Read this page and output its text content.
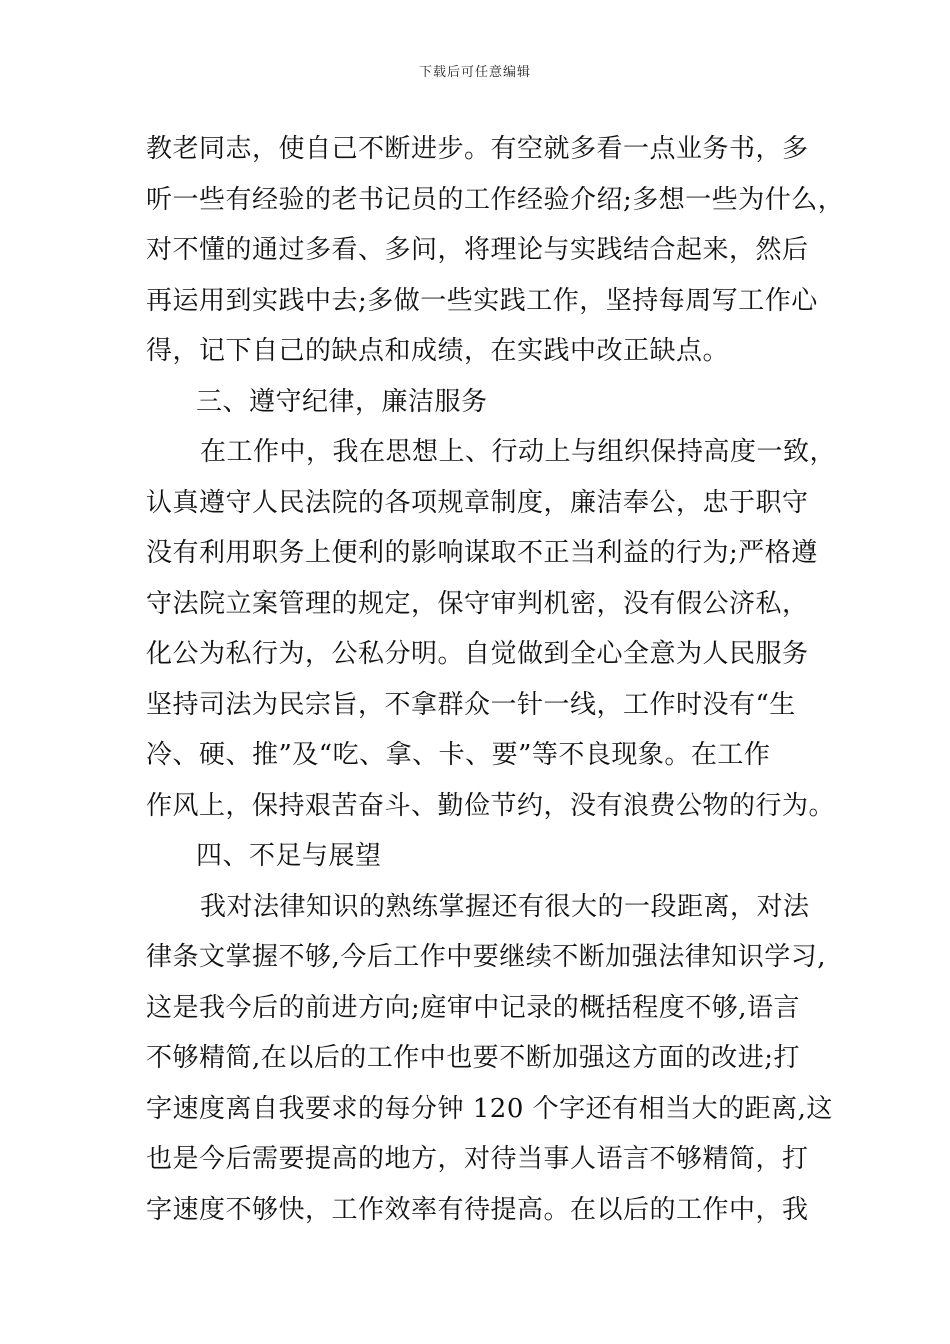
下载后可任意编辑
教老同志，使自己不断进步。有空就多看一点业务书，多
听一些有经验的老书记员的工作经验介绍;多想一些为什么，
对不懂的通过多看、多问，将理论与实践结合起来，然后
再运用到实践中去;多做一些实践工作，坚持每周写工作心
得，记下自己的缺点和成绩，在实践中改正缺点。
三、遵守纪律，廉洁服务
在工作中，我在思想上、行动上与组织保持高度一致，
认真遵守人民法院的各项规章制度，廉洁奉公，忠于职守
没有利用职务上便利的影响谋取不正当利益的行为;严格遵
守法院立案管理的规定，保守审判机密，没有假公济私，
化公为私行为，公私分明。自觉做到全心全意为人民服务
坚持司法为民宗旨，不拿群众一针一线，工作时没有“生
冷、硬、推”及“吃、拿、卡、要”等不良现象。在工作
作风上，保持艰苦奋斗、勤俭节约，没有浪费公物的行为。
四、不足与展望
我对法律知识的熟练掌握还有很大的一段距离，对法
律条文掌握不够,今后工作中要继续不断加强法律知识学习,
这是我今后的前进方向;庭审中记录的概括程度不够,语言
不够精简,在以后的工作中也要不断加强这方面的改进;打
字速度离自我要求的每分钟 120 个字还有相当大的距离,这
也是今后需要提高的地方，对待当事人语言不够精简，打
字速度不够快，工作效率有待提高。在以后的工作中，我
